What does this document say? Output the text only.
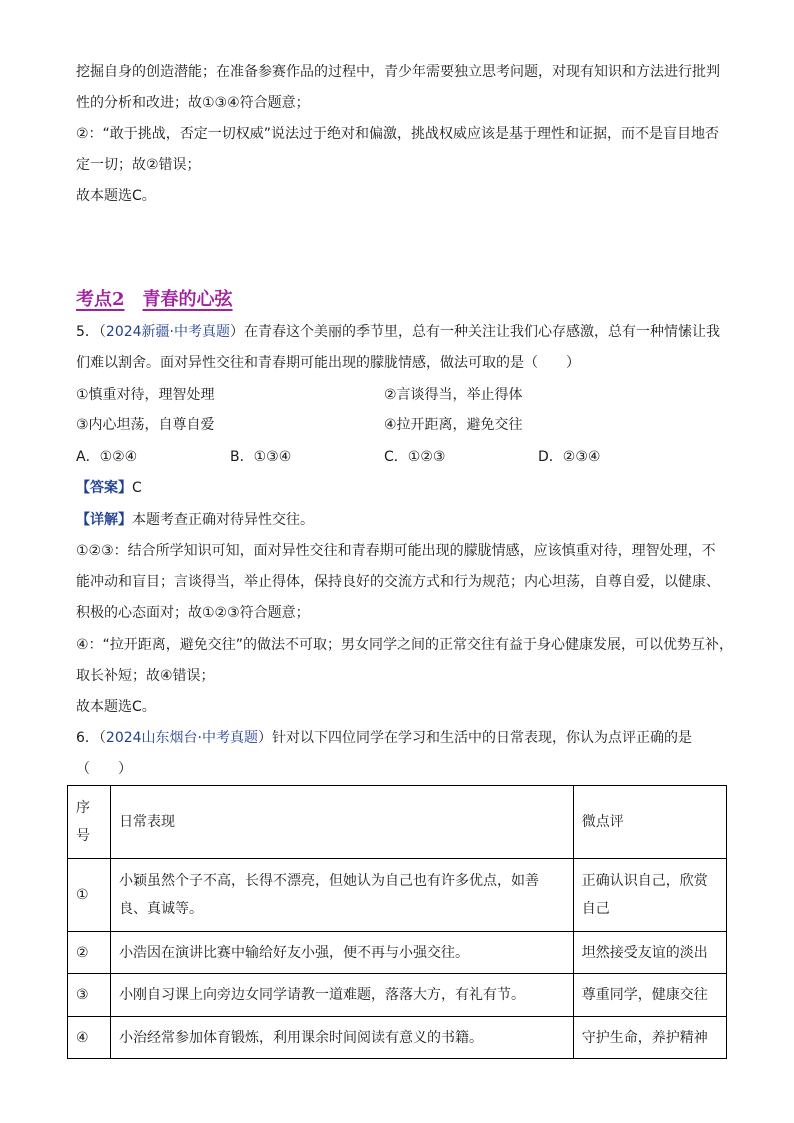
挖掘自身的创造潜能；在准备参赛作品的过程中，青少年需要独立思考问题，对现有知识和方法进行批判
性的分析和改进；故①③④符合题意；
②：“敢于挑战，否定一切权威”说法过于绝对和偏激，挑战权威应该是基于理性和证据，而不是盲目地否
定一切；故②错误；
故本题选C。
考点2 青春的心弦
5．（2024新疆·中考真题）在青春这个美丽的季节里，总有一种关注让我们心存感激，总有一种情愫让我
们难以割舍。面对异性交往和青春期可能出现的朦胧情感，做法可取的是（　　）
①慎重对待，理智处理	②言谈得当，举止得体
③内心坦荡，自尊自爱	④拉开距离，避免交往
A．①②④	B．①③④	C．①②③	D．②③④
【答案】C
【详解】本题考查正确对待异性交往。
①②③：结合所学知识可知，面对异性交往和青春期可能出现的朦胧情感，应该慎重对待，理智处理，不
能冲动和盲目；言谈得当，举止得体，保持良好的交流方式和行为规范；内心坦荡，自尊自爱，以健康、
积极的心态面对；故①②③符合题意；
④：“拉开距离，避免交往”的做法不可取；男女同学之间的正常交往有益于身心健康发展，可以优势互补，
取长补短；故④错误；
故本题选C。
6．（2024山东烟台·中考真题）针对以下四位同学在学习和生活中的日常表现，你认为点评正确的是
（　　）
序号	日常表现	微点评
①	小颖虽然个子不高，长得不漂亮，但她认为自己也有许多优点，如善良、真诚等。	正确认识自己，欣赏自己
②	小浩因在演讲比赛中输给好友小强，便不再与小强交往。	坦然接受友谊的淡出
③	小刚自习课上向旁边女同学请教一道难题，落落大方，有礼有节。	尊重同学，健康交往
④	小治经常参加体育锻炼，利用课余时间阅读有意义的书籍。	守护生命，养护精神
